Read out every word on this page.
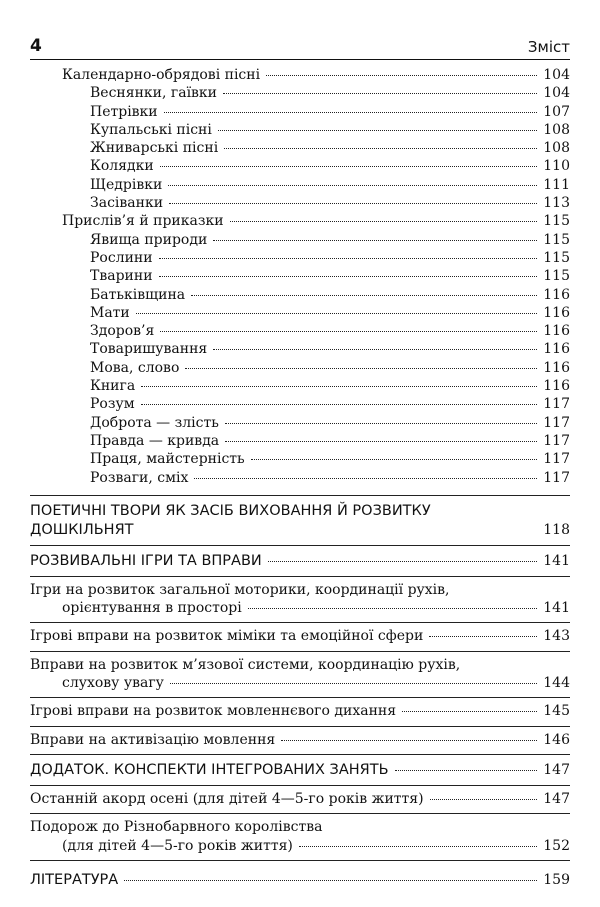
4	Зміст
Календарно-обрядові пісні	104
Веснянки, гаївки	104
Петрівки	107
Купальські пісні	108
Жниварські пісні	108
Колядки	110
Щедрівки	111
Засіванки	113
Прислів’я й приказки	115
Явища природи	115
Рослини	115
Тварини	115
Батьківщина	116
Мати	116
Здоров’я	116
Товаришування	116
Мова, слово	116
Книга	116
Розум	117
Доброта — злість	117
Правда — кривда	117
Праця, майстерність	117
Розваги, сміх	117
ПОЕТИЧНІ ТВОРИ ЯК ЗАСІБ ВИХОВАННЯ Й РОЗВИТКУ
ДОШКІЛЬНЯТ	118
РОЗВИВАЛЬНІ ІГРИ ТА ВПРАВИ	141
Ігри на розвиток загальної моторики, координації рухів,
орієнтування в просторі	141
Ігрові вправи на розвиток міміки та емоційної сфери	143
Вправи на розвиток м’язової системи, координацію рухів,
слухову увагу	144
Ігрові вправи на розвиток мовленнєвого дихання	145
Вправи на активізацію мовлення	146
ДОДАТОК. КОНСПЕКТИ ІНТЕГРОВАНИХ ЗАНЯТЬ	147
Останній акорд осені (для дітей 4—5-го років життя)	147
Подорож до Різнобарвного королівства
(для дітей 4—5-го років життя)	152
ЛІТЕРАТУРА	159
